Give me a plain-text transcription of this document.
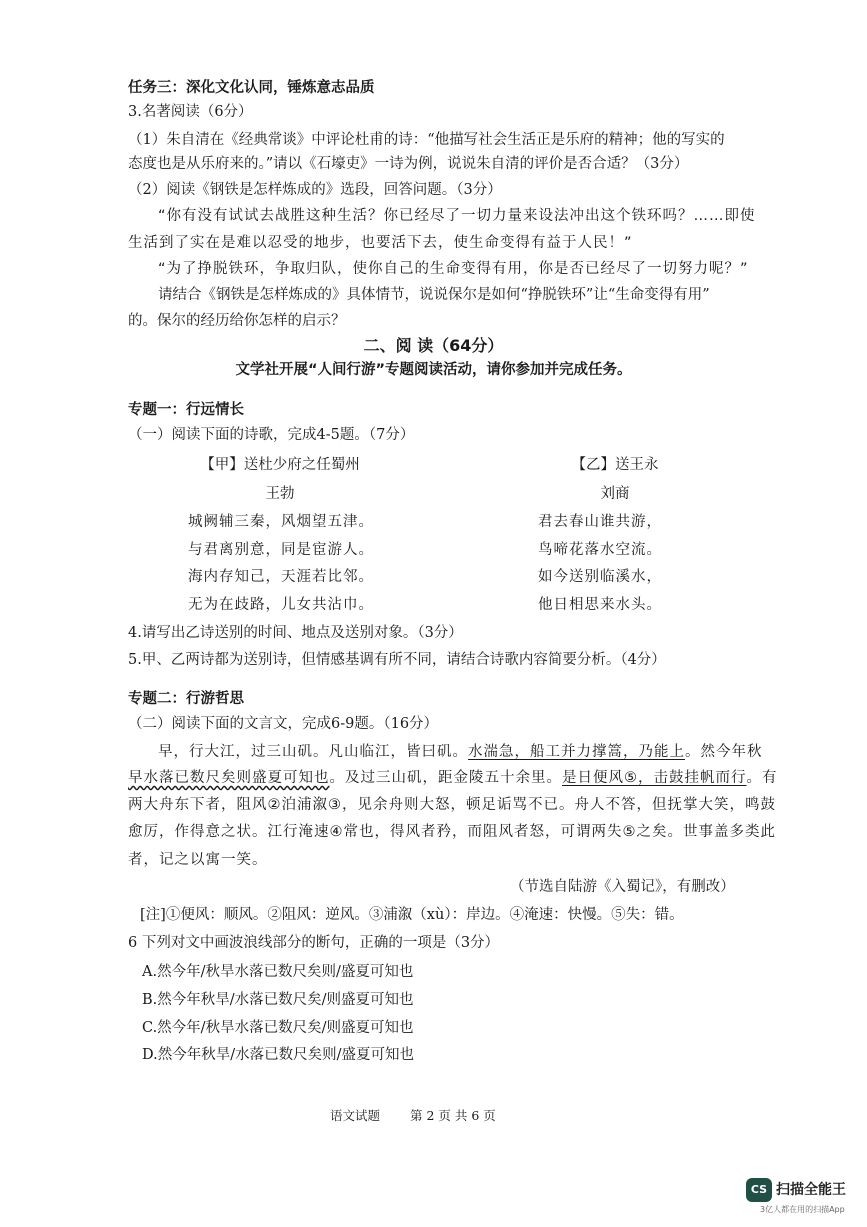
任务三：深化文化认同，锤炼意志品质
3.名著阅读（6分）
（1）朱自清在《经典常谈》中评论杜甫的诗：“他描写社会生活正是乐府的精神；他的写实的
态度也是从乐府来的。”请以《石壕吏》一诗为例，说说朱自清的评价是否合适？（3分）
（2）阅读《钢铁是怎样炼成的》选段，回答问题。（3分）
“你有没有试试去战胜这种生活？你已经尽了一切力量来设法冲出这个铁环吗？……即使
生活到了实在是难以忍受的地步，也要活下去，使生命变得有益于人民！”
“为了挣脱铁环，争取归队，使你自己的生命变得有用，你是否已经尽了一切努力呢？”
请结合《钢铁是怎样炼成的》具体情节，说说保尔是如何“挣脱铁环”让“生命变得有用”
的。保尔的经历给你怎样的启示？
二、阅 读（64分）
文学社开展“人间行游”专题阅读活动，请你参加并完成任务。
专题一：行远情长
（一）阅读下面的诗歌，完成4-5题。（7分）
【甲】送杜少府之任蜀州
王勃
城阙辅三秦，风烟望五津。
与君离别意，同是宦游人。
海内存知己，天涯若比邻。
无为在歧路，儿女共沾巾。
【乙】送王永
刘商
君去春山谁共游，
鸟啼花落水空流。
如今送别临溪水，
他日相思来水头。
4.请写出乙诗送别的时间、地点及送别对象。（3分）
5.甲、乙两诗都为送别诗，但情感基调有所不同，请结合诗歌内容简要分析。（4分）
专题二：行游哲思
（二）阅读下面的文言文，完成6-9题。（16分）
早，行大江，过三山矶。凡山临江，皆曰矶。水湍急，船工并力撑篙，乃能上。然今年秋
早水落已数尺矣则盛夏可知也。及过三山矶，距金陵五十余里。是日便风⑤，击鼓挂帆而行。有
两大舟东下者，阻风②泊浦溆③，见余舟则大怒，顿足诟骂不已。舟人不答，但抚掌大笑，鸣鼓
愈厉，作得意之状。江行淹速④常也，得风者矜，而阻风者怒，可谓两失⑤之矣。世事盖多类此
者，记之以寓一笑。
（节选自陆游《入蜀记》，有删改）
[注]①便风：顺风。②阻风：逆风。③浦溆（xù）：岸边。④淹速：快慢。⑤失：错。
6 下列对文中画波浪线部分的断句，正确的一项是（3分）
A.然今年/秋旱水落已数尺矣则/盛夏可知也
B.然今年秋旱/水落已数尺矣/则盛夏可知也
C.然今年/秋旱水落已数尺矣/则盛夏可知也
D.然今年秋旱/水落已数尺矣则/盛夏可知也
语文试题 第 2 页 共 6 页
CS 扫描全能王
3亿人都在用的扫描App
